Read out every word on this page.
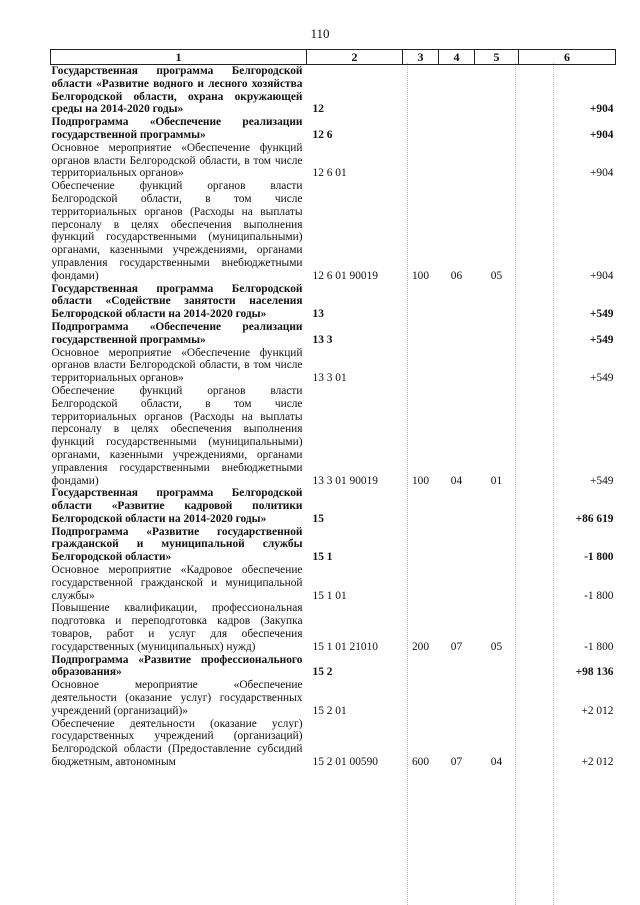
110
1	2	3	4	5	6
Государственная программа Белгородской области «Развитие водного и лесного хозяйства Белгородской области, охрана окружающей среды на 2014-2020 годы»	12				+904
Подпрограмма «Обеспечение реализации государственной программы»	12 6				+904
Основное мероприятие «Обеспечение функций органов власти Белгородской области, в том числе территориальных органов»	12 6 01				+904
Обеспечение функций органов власти Белгородской области, в том числе территориальных органов (Расходы на выплаты персоналу в целях обеспечения выполнения функций государственными (муниципальными) органами, казенными учреждениями, органами управления государственными внебюджетными фондами)	12 6 01 90019	100	06	05	+904
Государственная программа Белгородской области «Содействие занятости населения Белгородской области на 2014-2020 годы»	13				+549
Подпрограмма «Обеспечение реализации государственной программы»	13 3				+549
Основное мероприятие «Обеспечение функций органов власти Белгородской области, в том числе территориальных органов»	13 3 01				+549
Обеспечение функций органов власти Белгородской области, в том числе территориальных органов (Расходы на выплаты персоналу в целях обеспечения выполнения функций государственными (муниципальными) органами, казенными учреждениями, органами управления государственными внебюджетными фондами)	13 3 01 90019	100	04	01	+549
Государственная программа Белгородской области «Развитие кадровой политики Белгородской области на 2014-2020 годы»	15				+86 619
Подпрограмма «Развитие государственной гражданской и муниципальной службы Белгородской области»	15 1				-1 800
Основное мероприятие «Кадровое обеспечение государственной гражданской и муниципальной службы»	15 1 01				-1 800
Повышение квалификации, профессиональная подготовка и переподготовка кадров (Закупка товаров, работ и услуг для обеспечения государственных (муниципальных) нужд)	15 1 01 21010	200	07	05	-1 800
Подпрограмма «Развитие профессионального образования»	15 2				+98 136
Основное мероприятие «Обеспечение деятельности (оказание услуг) государственных учреждений (организаций)»	15 2 01				+2 012
Обеспечение деятельности (оказание услуг) государственных учреждений (организаций) Белгородской области (Предоставление субсидий бюджетным, автономным	15 2 01 00590	600	07	04	+2 012
